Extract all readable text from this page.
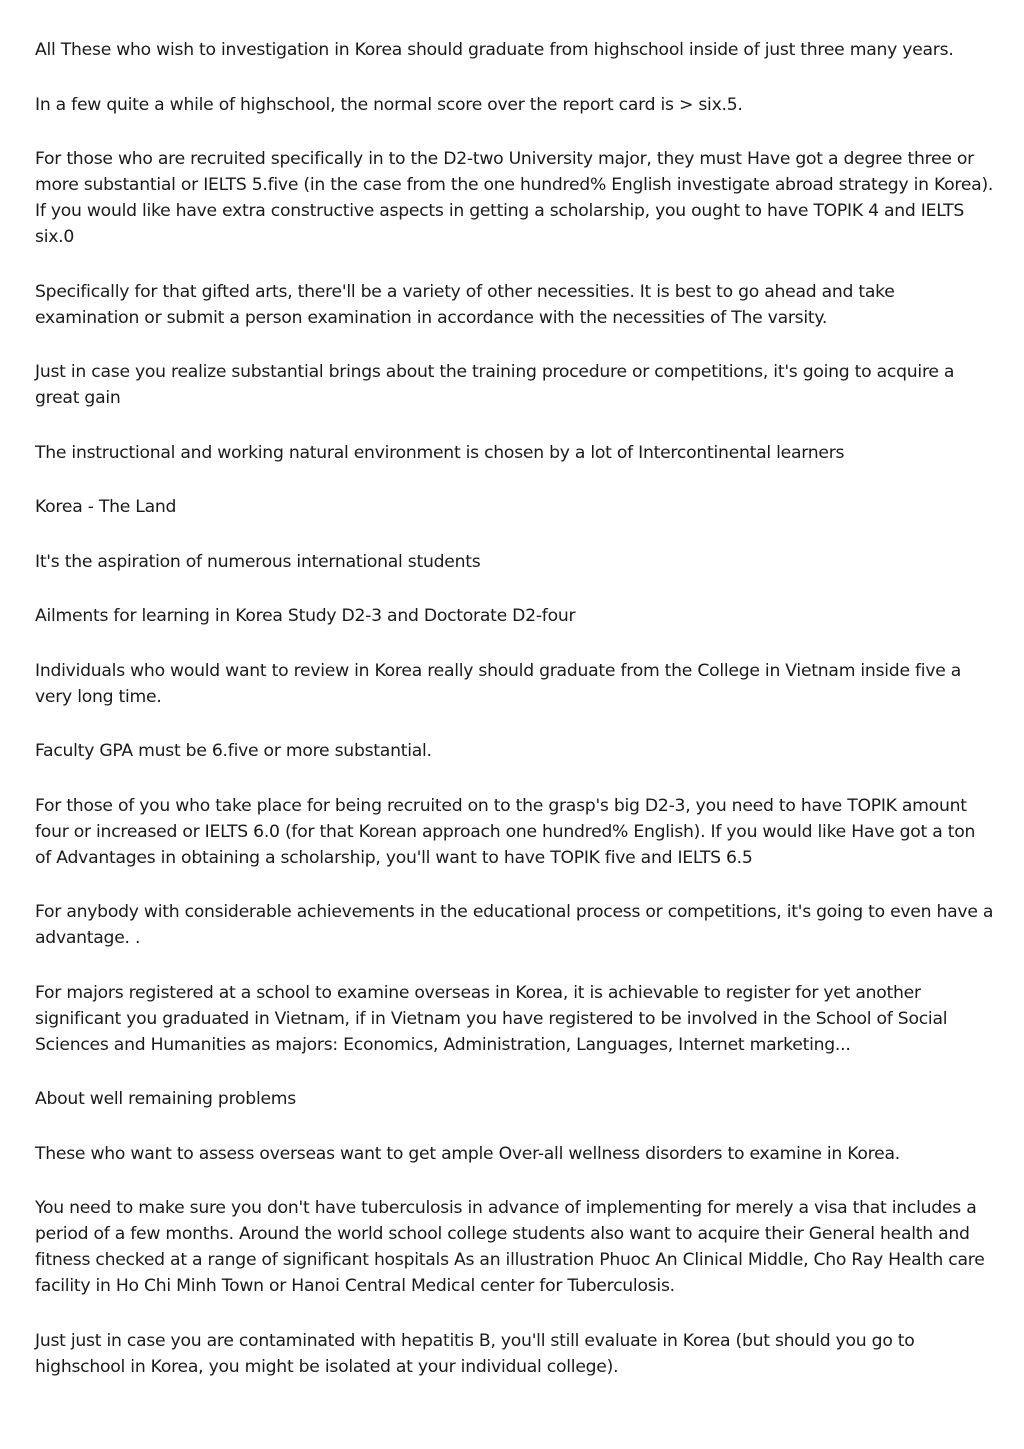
All These who wish to investigation in Korea should graduate from highschool inside of just three many years.

In a few quite a while of highschool, the normal score over the report card is > six.5.

For those who are recruited specifically in to the D2-two University major, they must Have got a degree three or more substantial or IELTS 5.five (in the case from the one hundred% English investigate abroad strategy in Korea). If you would like have extra constructive aspects in getting a scholarship, you ought to have TOPIK 4 and IELTS six.0

Specifically for that gifted arts, there'll be a variety of other necessities. It is best to go ahead and take examination or submit a person examination in accordance with the necessities of The varsity.

Just in case you realize substantial brings about the training procedure or competitions, it's going to acquire a great gain

The instructional and working natural environment is chosen by a lot of Intercontinental learners

Korea - The Land

It's the aspiration of numerous international students

Ailments for learning in Korea Study D2-3 and Doctorate D2-four

Individuals who would want to review in Korea really should graduate from the College in Vietnam inside five a very long time.

Faculty GPA must be 6.five or more substantial.

For those of you who take place for being recruited on to the grasp's big D2-3, you need to have TOPIK amount four or increased or IELTS 6.0 (for that Korean approach one hundred% English). If you would like Have got a ton of Advantages in obtaining a scholarship, you'll want to have TOPIK five and IELTS 6.5

For anybody with considerable achievements in the educational process or competitions, it's going to even have a advantage. .

For majors registered at a school to examine overseas in Korea, it is achievable to register for yet another significant you graduated in Vietnam, if in Vietnam you have registered to be involved in the School of Social Sciences and Humanities as majors: Economics, Administration, Languages, Internet marketing...

About well remaining problems

These who want to assess overseas want to get ample Over-all wellness disorders to examine in Korea.

You need to make sure you don't have tuberculosis in advance of implementing for merely a visa that includes a period of a few months. Around the world school college students also want to acquire their General health and fitness checked at a range of significant hospitals As an illustration Phuoc An Clinical Middle, Cho Ray Health care facility in Ho Chi Minh Town or Hanoi Central Medical center for Tuberculosis.

Just just in case you are contaminated with hepatitis B, you'll still evaluate in Korea (but should you go to highschool in Korea, you might be isolated at your individual college).
